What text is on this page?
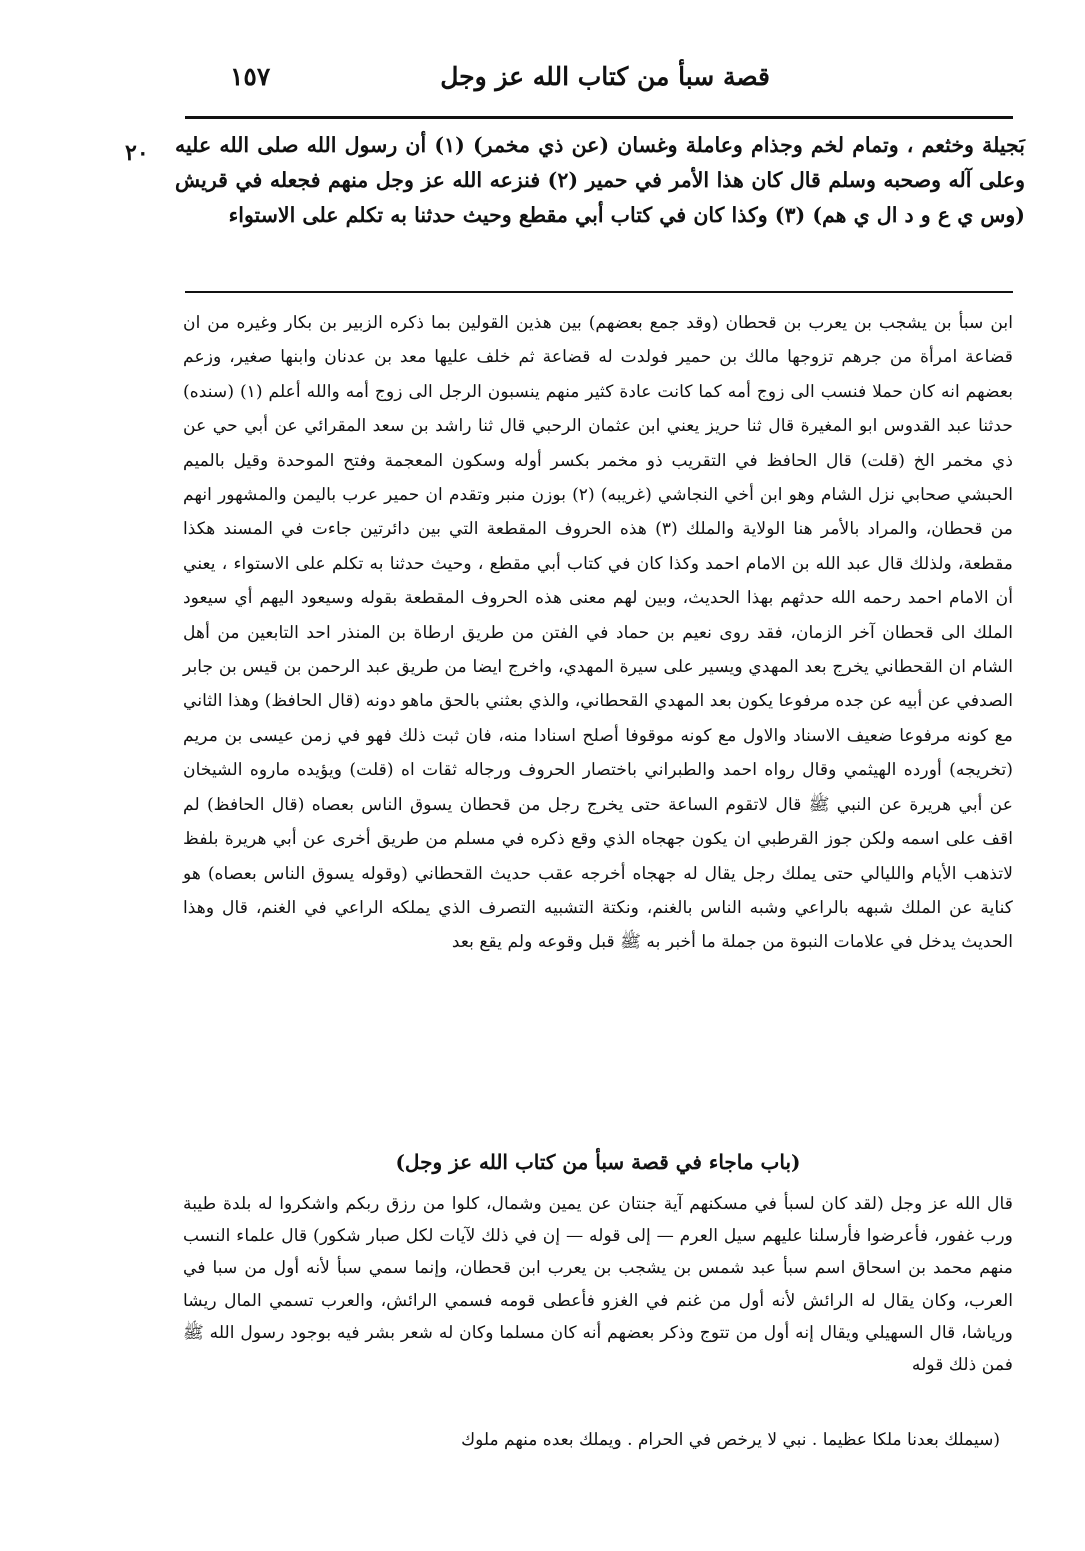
قصة سبأ من كتاب الله عز وجل
١٥٧
٢٠ بَجيلة وخثعم ، وتمام لخم وجذام وعاملة وغسان (عن ذي مخمر) (١) أن رسول الله صلى الله عليه وعلى آله وصحبه وسلم قال كان هذا الأمر في حمير (٢) فنزعه الله عز وجل منهم فجعله في قريش (وس ي ع و د ال ي هم) (٣) وكذا كان في كتاب أبي مقطع وحيث حدثنا به تكلم على الاستواء

ابن سبأ بن يشجب بن يعرب بن قحطان (وقد جمع بعضهم) بين هذين القولين بما ذكره الزبير بن بكار وغيره من ان قضاعة امرأة من جرهم تزوجها مالك بن حمير فولدت له قضاعة ثم خلف عليها معد بن عدنان وابنها صغير، وزعم بعضهم انه كان حملا فنسب الى زوج أمه كما كانت عادة كثير منهم ينسبون الرجل الى زوج أمه والله أعلم (١) (سنده) حدثنا عبد القدوس ابو المغيرة قال ثنا حريز يعني ابن عثمان الرحبي قال ثنا راشد بن سعد المقرائي عن أبي حي عن ذي مخمر الخ (قلت) قال الحافظ في التقريب ذو مخمر بكسر أوله وسكون المعجمة وفتح الموحدة وقيل بالميم الحبشي صحابي نزل الشام وهو ابن أخي النجاشي (غريبه) (٢) بوزن منبر وتقدم ان حمير عرب باليمن والمشهور انهم من قحطان، والمراد بالأمر هنا الولاية والملك (٣) هذه الحروف المقطعة التي بين دائرتين جاءت في المسند هكذا مقطعة، ولذلك قال عبد الله بن الامام احمد وكذا كان في كتاب أبي مقطع ، وحيث حدثنا به تكلم على الاستواء ، يعني أن الامام احمد رحمه الله حدثهم بهذا الحديث، وبين لهم معنى هذه الحروف المقطعة بقوله وسيعود اليهم أي سيعود الملك الى قحطان آخر الزمان، فقد روى نعيم بن حماد في الفتن من طريق ارطاة بن المنذر احد التابعين من أهل الشام ان القحطاني يخرج بعد المهدي ويسير على سيرة المهدي، واخرج ايضا من طريق عبد الرحمن بن قيس بن جابر الصدفي عن أبيه عن جده مرفوعا يكون بعد المهدي القحطاني، والذي بعثني بالحق ماهو دونه (قال الحافظ) وهذا الثاني مع كونه مرفوعا ضعيف الاسناد والاول مع كونه موقوفا أصلح اسنادا منه، فان ثبت ذلك فهو في زمن عيسى بن مريم (تخريجه) أورده الهيثمي وقال رواه احمد والطبراني باختصار الحروف ورجاله ثقات اه (قلت) ويؤيده ماروه الشيخان عن أبي هريرة عن النبي ﷺ قال لاتقوم الساعة حتى يخرج رجل من قحطان يسوق الناس بعصاه (قال الحافظ) لم اقف على اسمه ولكن جوز القرطبي ان يكون جهجاه الذي وقع ذكره في مسلم من طريق أخرى عن أبي هريرة بلفظ لاتذهب الأيام والليالي حتى يملك رجل يقال له جهجاه أخرجه عقب حديث القحطاني (وقوله يسوق الناس بعصاه) هو كناية عن الملك شبهه بالراعي وشبه الناس بالغنم، ونكتة التشبيه التصرف الذي يملكه الراعي في الغنم، قال وهذا الحديث يدخل في علامات النبوة من جملة ما أخبر به ﷺ قبل وقوعه ولم يقع بعد

(باب ماجاء في قصة سبأ من كتاب الله عز وجل)

قال الله عز وجل (لقد كان لسبأ في مسكنهم آية جنتان عن يمين وشمال، كلوا من رزق ربكم واشكروا له بلدة طيبة ورب غفور، فأعرضوا فأرسلنا عليهم سيل العرم — إلى قوله — إن في ذلك لآيات لكل صبار شكور) قال علماء النسب منهم محمد بن اسحاق اسم سبأ عبد شمس بن يشجب بن يعرب ابن قحطان، وإنما سمي سبأ لأنه أول من سبا في العرب، وكان يقال له الرائش لأنه أول من غنم في الغزو فأعطى قومه فسمي الرائش، والعرب تسمي المال ريشا ورياشا، قال السهيلي ويقال إنه أول من تتوج وذكر بعضهم أنه كان مسلما وكان له شعر بشر فيه بوجود رسول الله ﷺ فمن ذلك قوله

(سيملك بعدنا ملكا عظيما . نبي لا يرخص في الحرام . ويملك بعده منهم ملوك
